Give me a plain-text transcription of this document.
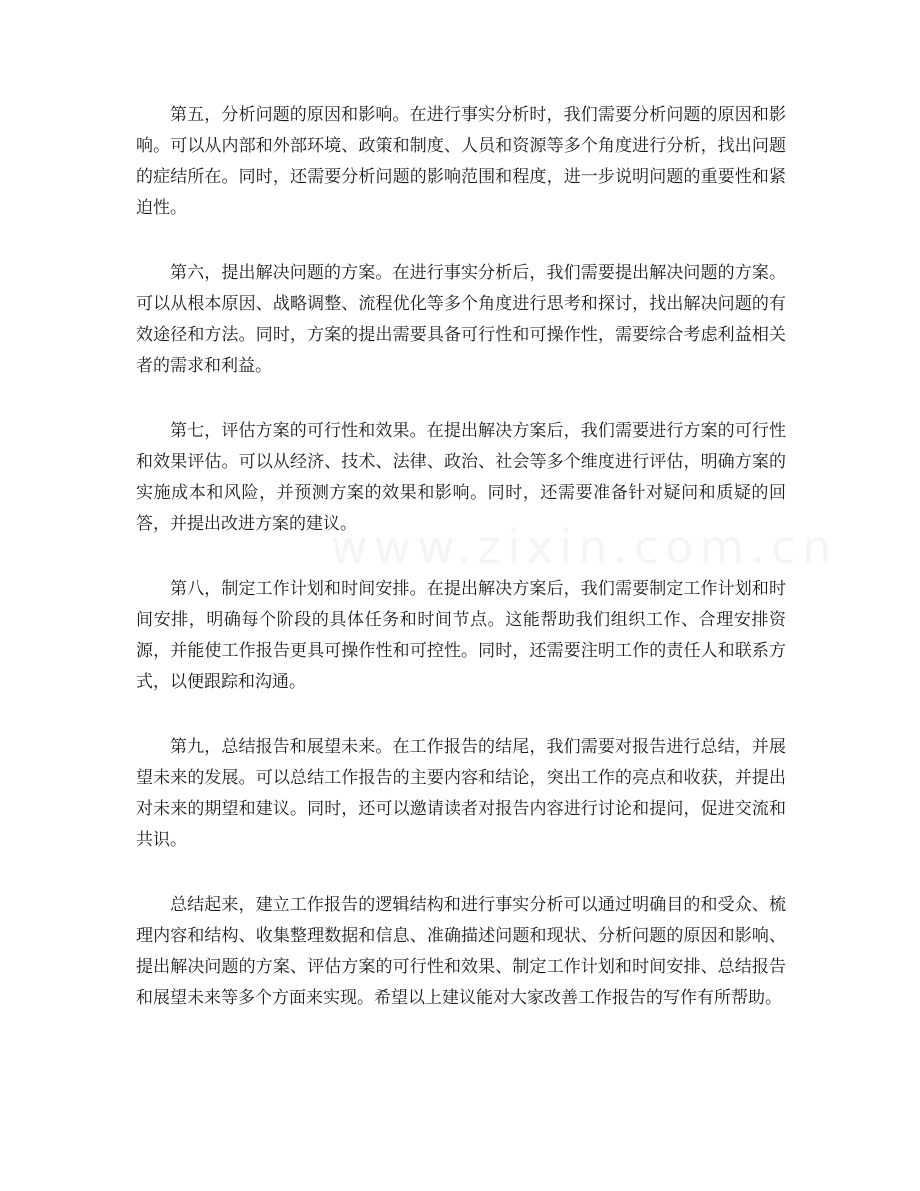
第五，分析问题的原因和影响。在进行事实分析时，我们需要分析问题的原因和影响。可以从内部和外部环境、政策和制度、人员和资源等多个角度进行分析，找出问题的症结所在。同时，还需要分析问题的影响范围和程度，进一步说明问题的重要性和紧迫性。

第六，提出解决问题的方案。在进行事实分析后，我们需要提出解决问题的方案。可以从根本原因、战略调整、流程优化等多个角度进行思考和探讨，找出解决问题的有效途径和方法。同时，方案的提出需要具备可行性和可操作性，需要综合考虑利益相关者的需求和利益。

第七，评估方案的可行性和效果。在提出解决方案后，我们需要进行方案的可行性和效果评估。可以从经济、技术、法律、政治、社会等多个维度进行评估，明确方案的实施成本和风险，并预测方案的效果和影响。同时，还需要准备针对疑问和质疑的回答，并提出改进方案的建议。

第八，制定工作计划和时间安排。在提出解决方案后，我们需要制定工作计划和时间安排，明确每个阶段的具体任务和时间节点。这能帮助我们组织工作、合理安排资源，并能使工作报告更具可操作性和可控性。同时，还需要注明工作的责任人和联系方式，以便跟踪和沟通。

第九，总结报告和展望未来。在工作报告的结尾，我们需要对报告进行总结，并展望未来的发展。可以总结工作报告的主要内容和结论，突出工作的亮点和收获，并提出对未来的期望和建议。同时，还可以邀请读者对报告内容进行讨论和提问，促进交流和共识。

总结起来，建立工作报告的逻辑结构和进行事实分析可以通过明确目的和受众、梳理内容和结构、收集整理数据和信息、准确描述问题和现状、分析问题的原因和影响、提出解决问题的方案、评估方案的可行性和效果、制定工作计划和时间安排、总结报告和展望未来等多个方面来实现。希望以上建议能对大家改善工作报告的写作有所帮助。
